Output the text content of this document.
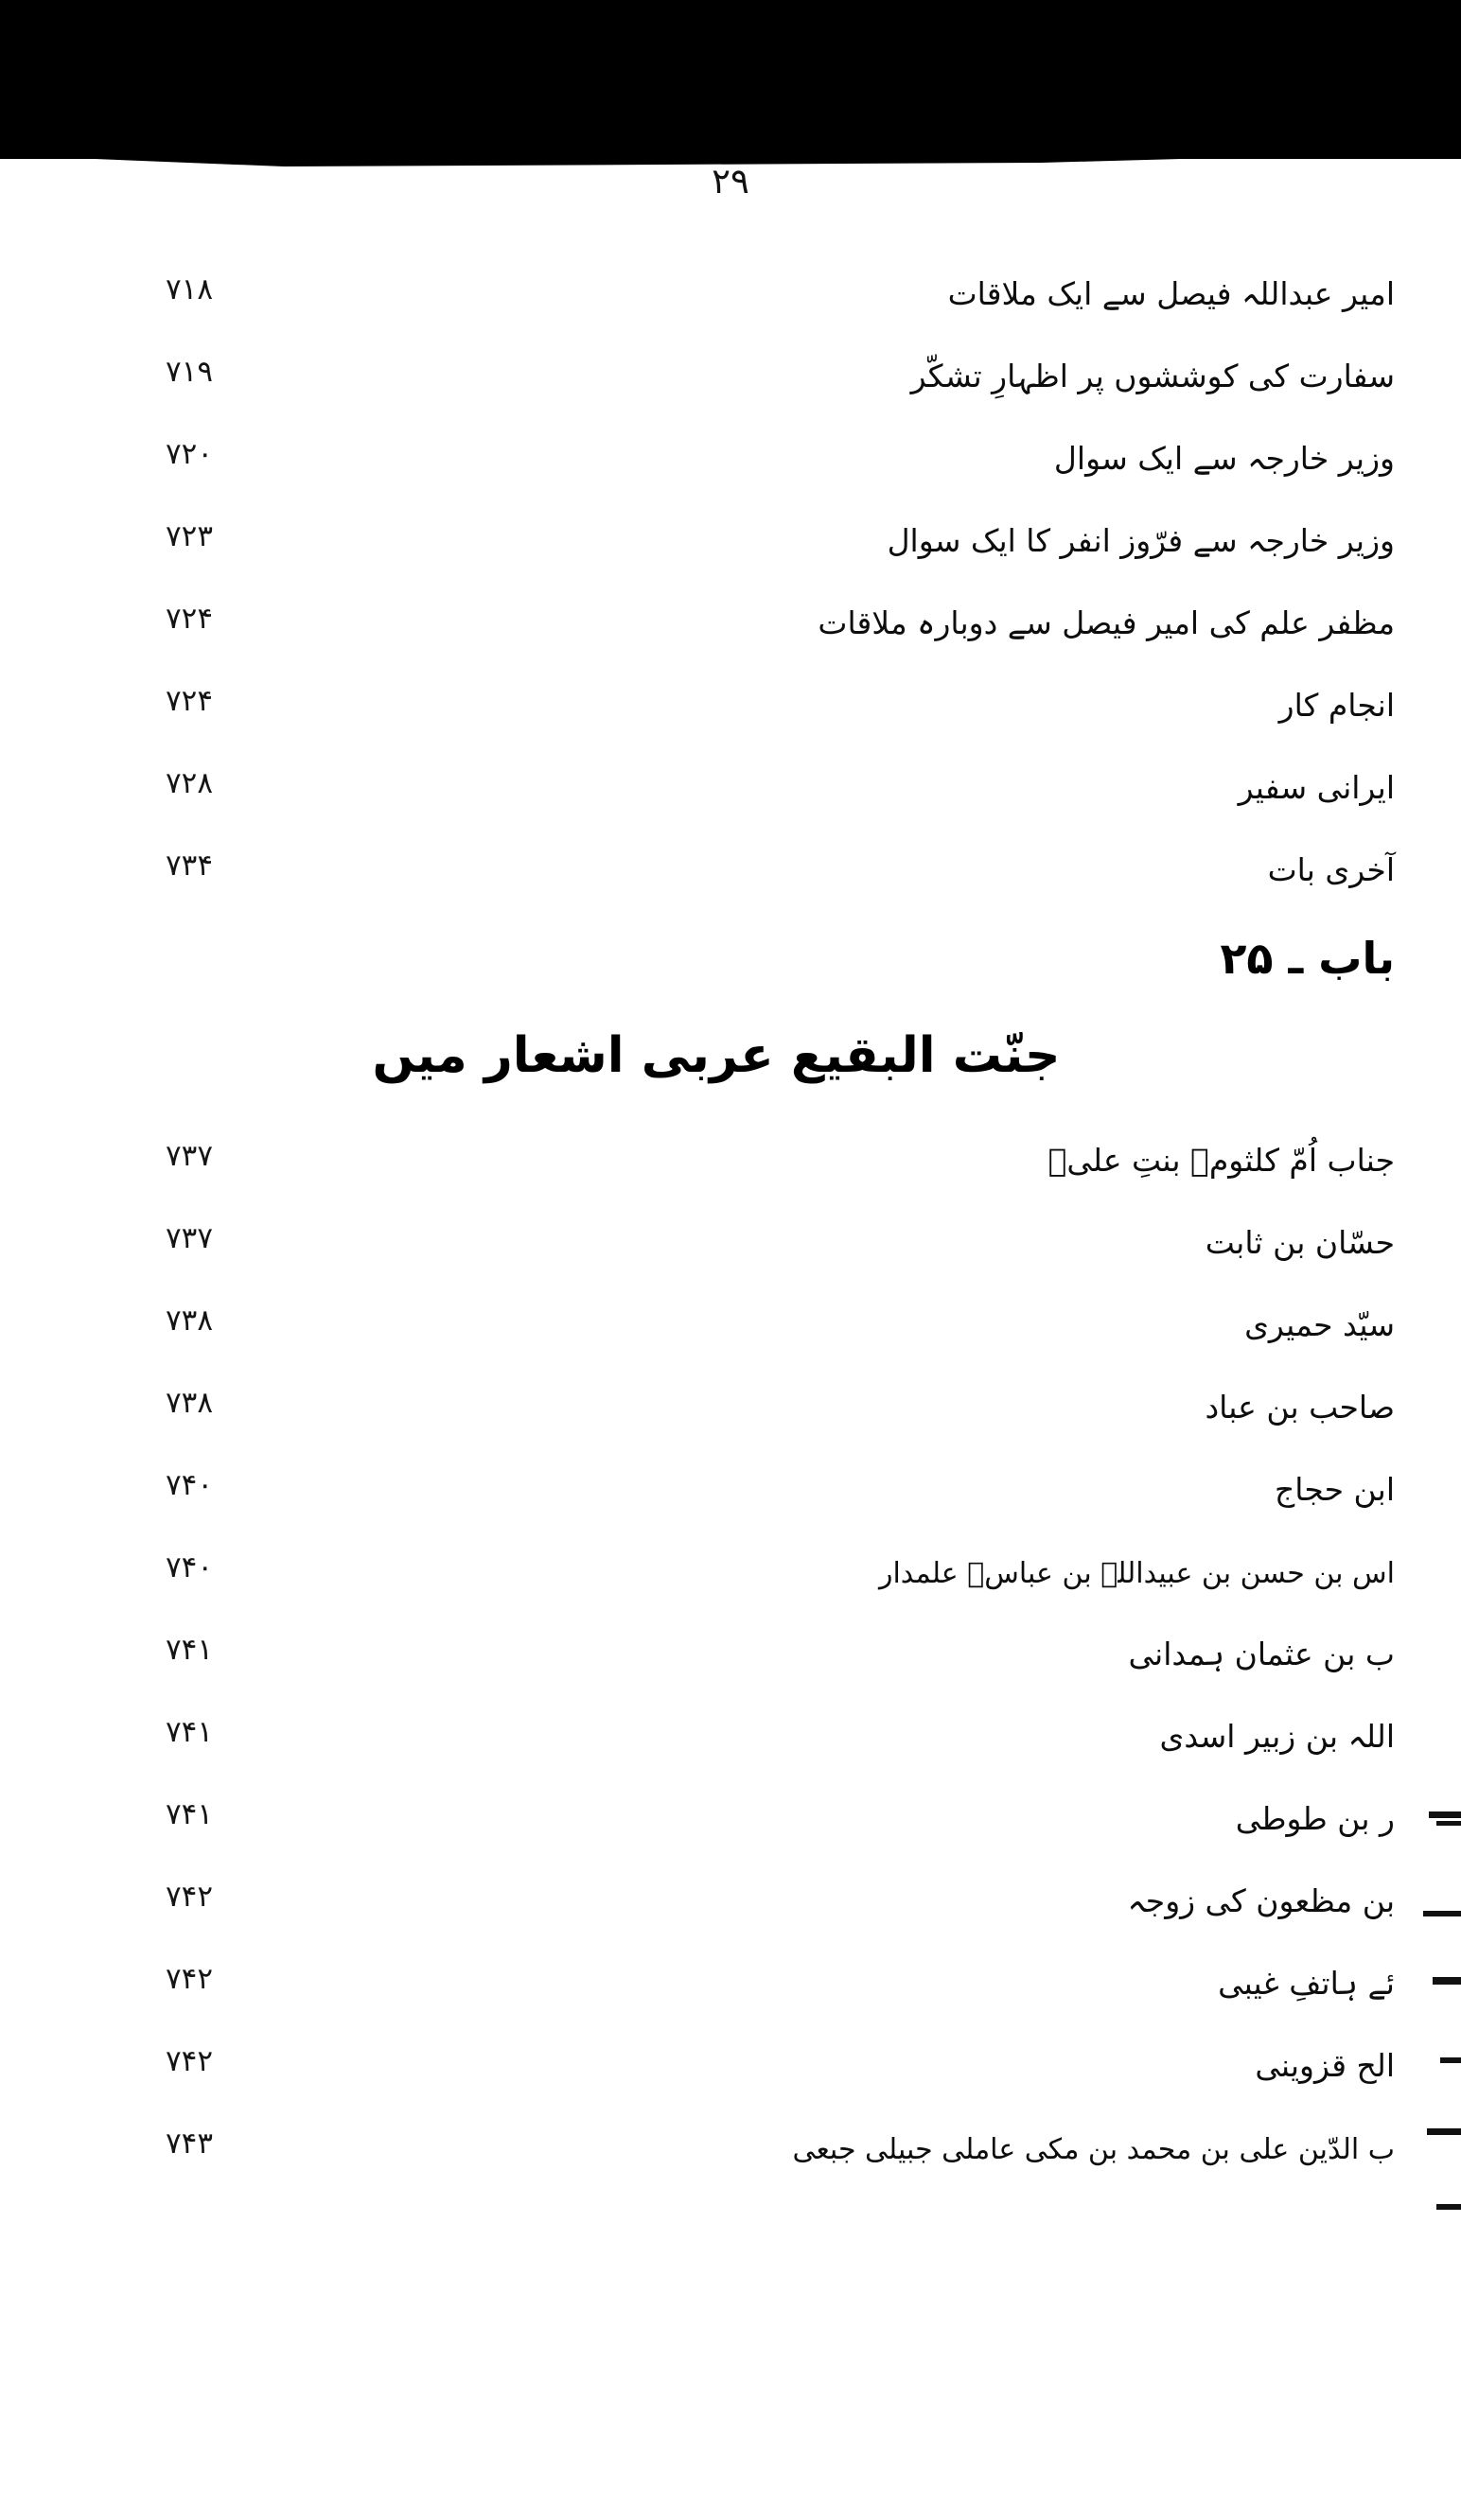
۲۹
۷۱۸	امیر عبداللہ فیصل سے ایک ملاقات
۷۱۹	سفارت کی کوششوں پر اظہارِ تشکّر
۷۲۰	وزیر خارجہ سے ایک سوال
۷۲۳	وزیر خارجہ سے فرّوز انفر کا ایک سوال
۷۲۴	مظفر علم کی امیر فیصل سے دوبارہ ملاقات
۷۲۴	انجام کار
۷۲۸	ایرانی سفیر
۷۳۴	آخری بات
باب ـ ۲۵
جنّت البقیع عربی اشعار میں
۷۳۷	جناب اُمّ کلثومؓ بنتِ علیؓ
۷۳۷	حسّان بن ثابت
۷۳۸	سیّد حمیری
۷۳۸	صاحب بن عباد
۷۴۰	ابن حجاج
۷۴۰	اس بن حسن بن عبیداللہ بن عباسؓ علمدار
۷۴۱	ب بن عثمان ہمدانی
۷۴۱	اللہ بن زبیر اسدی
۷۴۱	ر بن طوطی
۷۴۲	بن مظعون کی زوجہ
۷۴۲	ئے ہاتفِ غیبی
۷۴۲	الح قزوینی
۷۴۳	ب الدّین علی بن محمد بن مکی عاملی جبیلی جبعی
